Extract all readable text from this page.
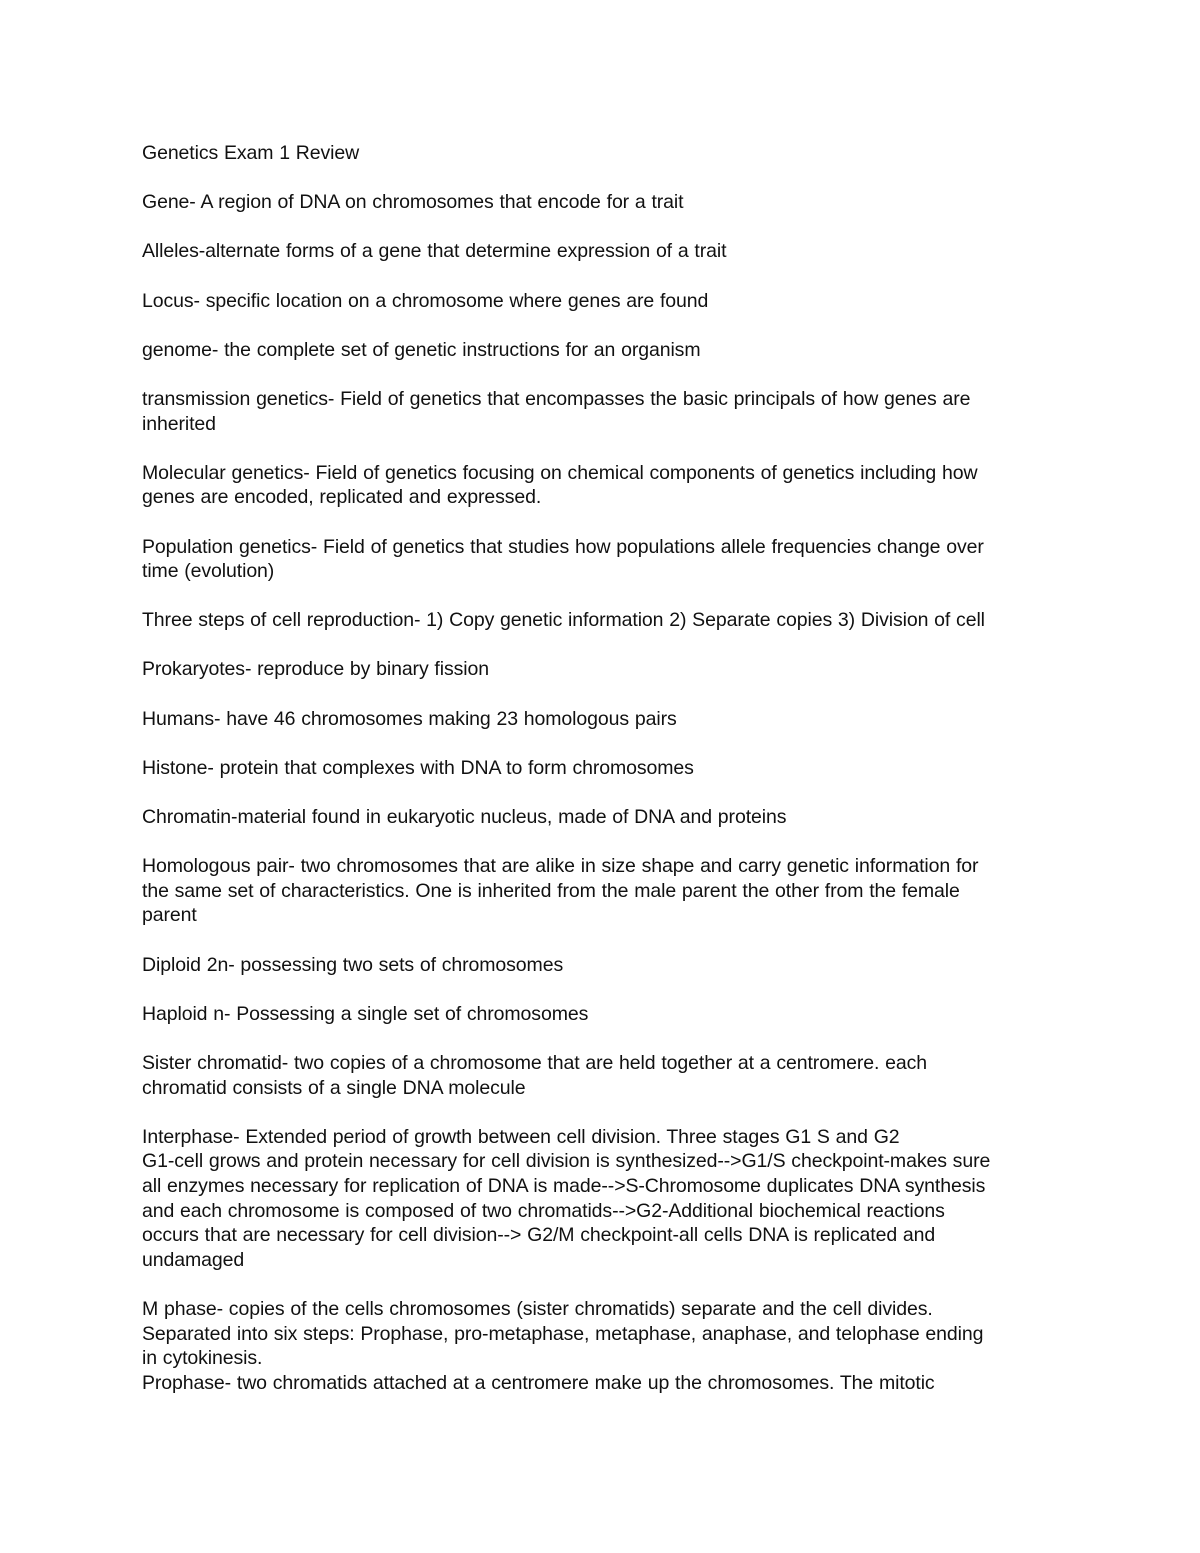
Genetics Exam 1 Review

Gene- A region of DNA on chromosomes that encode for a trait

Alleles-alternate forms of a gene that determine expression of a trait

Locus- specific location on a chromosome where genes are found

genome- the complete set of genetic instructions for an organism

transmission genetics- Field of genetics that encompasses the basic principals of how genes are
inherited

Molecular genetics- Field of genetics focusing on chemical components of genetics including how
genes are encoded, replicated and expressed.

Population genetics- Field of genetics that studies how populations allele frequencies change over
time (evolution)

Three steps of cell reproduction- 1) Copy genetic information 2) Separate copies 3) Division of cell

Prokaryotes- reproduce by binary fission

Humans- have 46 chromosomes making 23 homologous pairs

Histone- protein that complexes with DNA to form chromosomes

Chromatin-material found in eukaryotic nucleus, made of DNA and proteins

Homologous pair- two chromosomes that are alike in size shape and carry genetic information for
the same set of characteristics. One is inherited from the male parent the other from the female
parent

Diploid 2n- possessing two sets of chromosomes

Haploid n- Possessing a single set of chromosomes

Sister chromatid- two copies of a chromosome that are held together at a centromere. each
chromatid consists of a single DNA molecule

Interphase- Extended period of growth between cell division. Three stages G1 S and G2
G1-cell grows and protein necessary for cell division is synthesized-->G1/S checkpoint-makes sure
all enzymes necessary for replication of DNA is made-->S-Chromosome duplicates DNA synthesis
and each chromosome is composed of two chromatids-->G2-Additional biochemical reactions
occurs that are necessary for cell division--> G2/M checkpoint-all cells DNA is replicated and
undamaged

M phase- copies of the cells chromosomes (sister chromatids) separate and the cell divides.
Separated into six steps: Prophase, pro-metaphase, metaphase, anaphase, and telophase ending
in cytokinesis.
Prophase- two chromatids attached at a centromere make up the chromosomes. The mitotic
